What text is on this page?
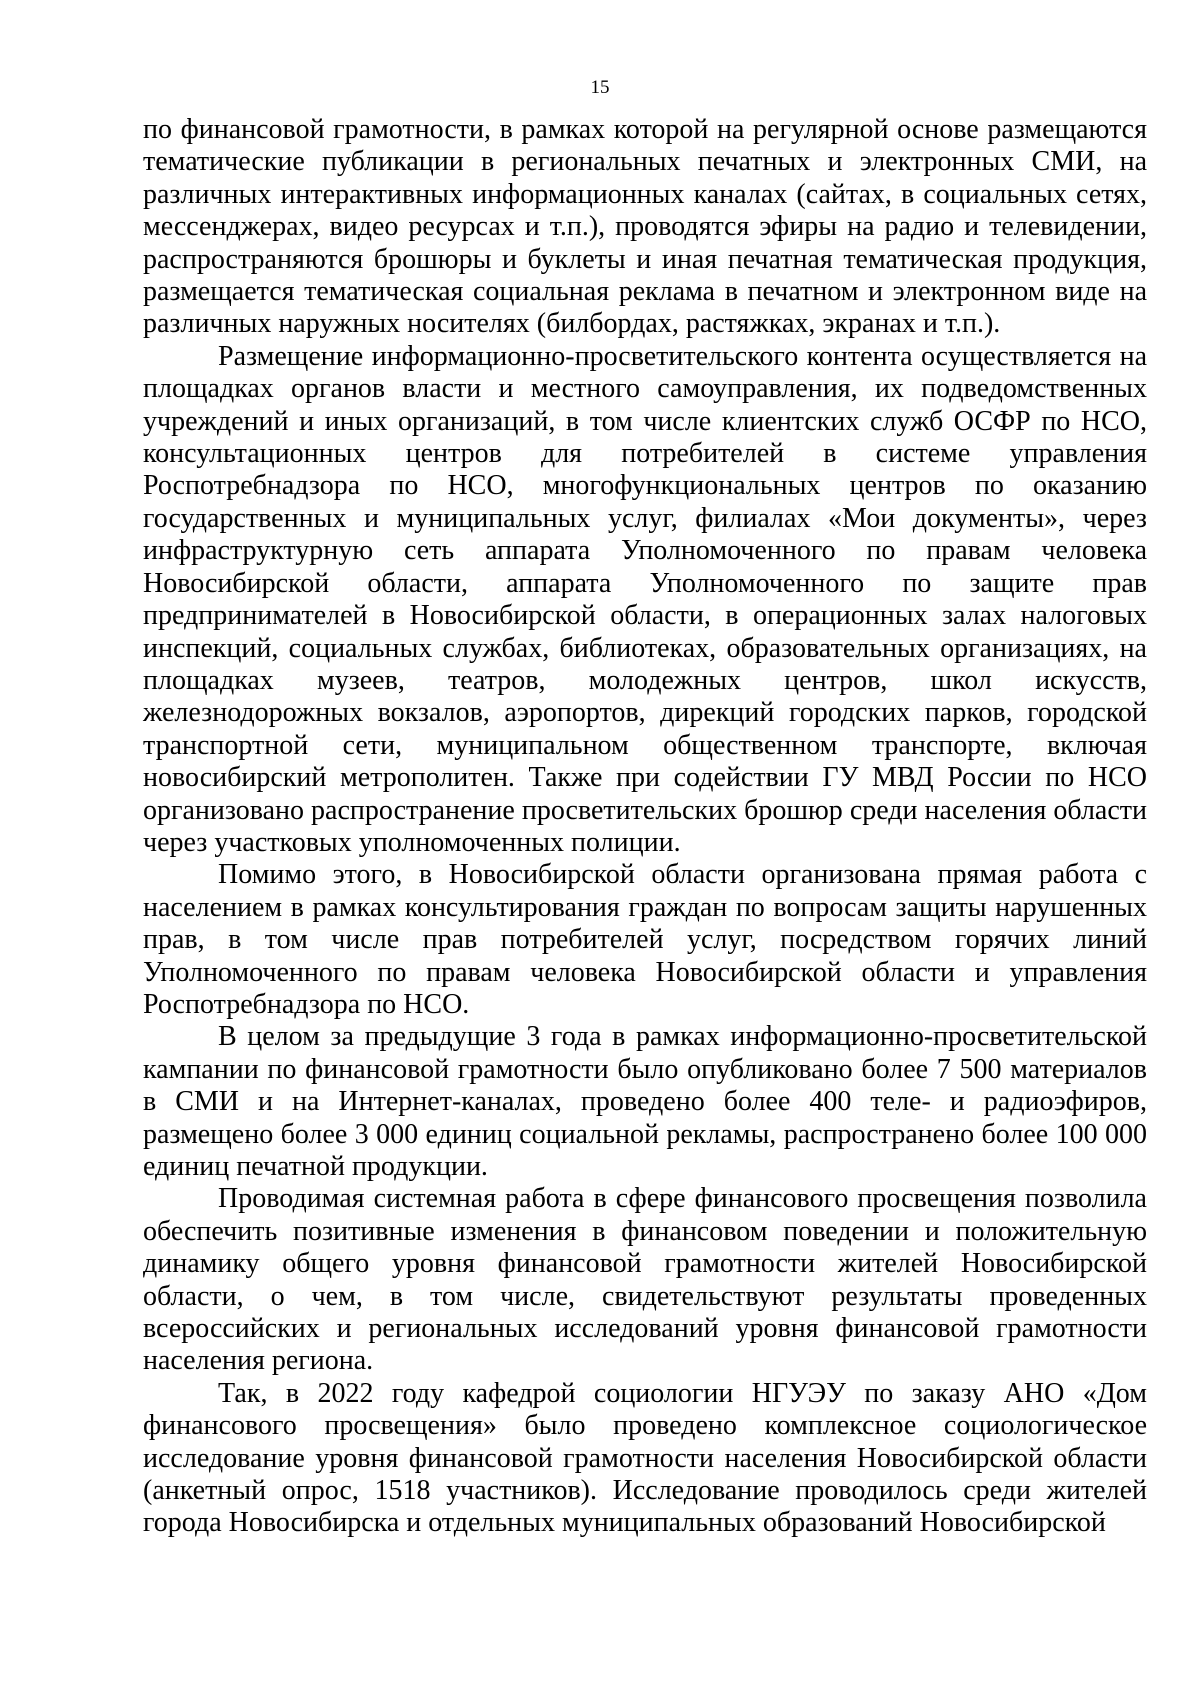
15

по финансовой грамотности, в рамках которой на регулярной основе размещаются тематические публикации в региональных печатных и электронных СМИ, на различных интерактивных информационных каналах (сайтах, в социальных сетях, мессенджерах, видео ресурсах и т.п.), проводятся эфиры на радио и телевидении, распространяются брошюры и буклеты и иная печатная тематическая продукция, размещается тематическая социальная реклама в печатном и электронном виде на различных наружных носителях (билбордах, растяжках, экранах и т.п.).

Размещение информационно-просветительского контента осуществляется на площадках органов власти и местного самоуправления, их подведомственных учреждений и иных организаций, в том числе клиентских служб ОСФР по НСО, консультационных центров для потребителей в системе управления Роспотребнадзора по НСО, многофункциональных центров по оказанию государственных и муниципальных услуг, филиалах «Мои документы», через инфраструктурную сеть аппарата Уполномоченного по правам человека Новосибирской области, аппарата Уполномоченного по защите прав предпринимателей в Новосибирской области, в операционных залах налоговых инспекций, социальных службах, библиотеках, образовательных организациях, на площадках музеев, театров, молодежных центров, школ искусств, железнодорожных вокзалов, аэропортов, дирекций городских парков, городской транспортной сети, муниципальном общественном транспорте, включая новосибирский метрополитен. Также при содействии ГУ МВД России по НСО организовано распространение просветительских брошюр среди населения области через участковых уполномоченных полиции.

Помимо этого, в Новосибирской области организована прямая работа с населением в рамках консультирования граждан по вопросам защиты нарушенных прав, в том числе прав потребителей услуг, посредством горячих линий Уполномоченного по правам человека Новосибирской области и управления Роспотребнадзора по НСО.

В целом за предыдущие 3 года в рамках информационно-просветительской кампании по финансовой грамотности было опубликовано более 7 500 материалов в СМИ и на Интернет-каналах, проведено более 400 теле- и радиоэфиров, размещено более 3 000 единиц социальной рекламы, распространено более 100 000 единиц печатной продукции.

Проводимая системная работа в сфере финансового просвещения позволила обеспечить позитивные изменения в финансовом поведении и положительную динамику общего уровня финансовой грамотности жителей Новосибирской области, о чем, в том числе, свидетельствуют результаты проведенных всероссийских и региональных исследований уровня финансовой грамотности населения региона.

Так, в 2022 году кафедрой социологии НГУЭУ по заказу АНО «Дом финансового просвещения» было проведено комплексное социологическое исследование уровня финансовой грамотности населения Новосибирской области (анкетный опрос, 1518 участников). Исследование проводилось среди жителей города Новосибирска и отдельных муниципальных образований Новосибирской
